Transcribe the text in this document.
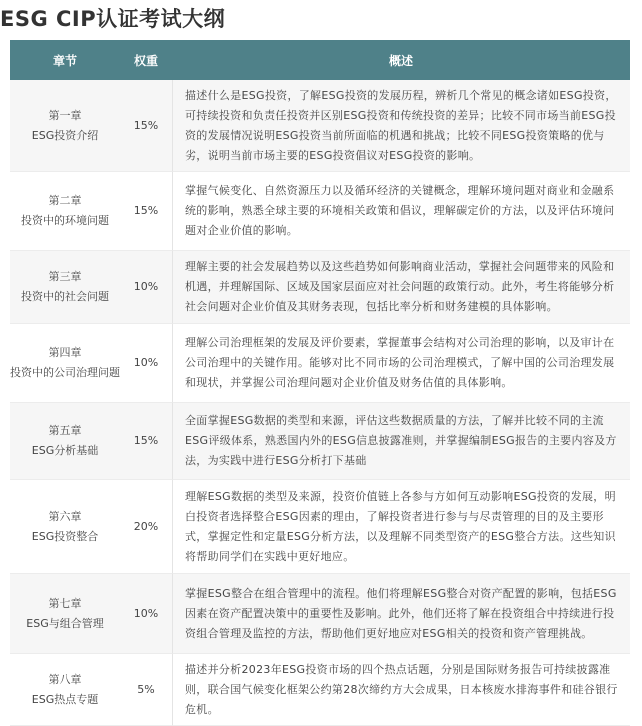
ESG CIP认证考试大纲
章节	权重	概述

第一章
ESG投资介绍	15%	描述什么是ESG投资，了解ESG投资的发展历程，辨析几个常见的概念诸如ESG投资，可持续投资和负责任投资并区别ESG投资和传统投资的差异；比较不同市场当前ESG投资的发展情况说明ESG投资当前所面临的机遇和挑战；比较不同ESG投资策略的优与劣，说明当前市场主要的ESG投资倡议对ESG投资的影响。

第二章
投资中的环境问题	15%	掌握气候变化、自然资源压力以及循环经济的关键概念，理解环境问题对商业和金融系统的影响，熟悉全球主要的环境相关政策和倡议，理解碳定价的方法，以及评估环境问题对企业价值的影响。

第三章
投资中的社会问题	10%	理解主要的社会发展趋势以及这些趋势如何影响商业活动，掌握社会问题带来的风险和机遇，并理解国际、区域及国家层面应对社会问题的政策行动。此外，考生将能够分析社会问题对企业价值及其财务表现，包括比率分析和财务建模的具体影响。

第四章
投资中的公司治理问题	10%	理解公司治理框架的发展及评价要素，掌握董事会结构对公司治理的影响，以及审计在公司治理中的关键作用。能够对比不同市场的公司治理模式，了解中国的公司治理发展和现状，并掌握公司治理问题对企业价值及财务估值的具体影响。

第五章
ESG分析基础	15%	全面掌握ESG数据的类型和来源，评估这些数据质量的方法，了解并比较不同的主流ESG评级体系，熟悉国内外的ESG信息披露准则，并掌握编制ESG报告的主要内容及方法，为实践中进行ESG分析打下基础

第六章
ESG投资整合	20%	理解ESG数据的类型及来源，投资价值链上各参与方如何互动影响ESG投资的发展，明白投资者选择整合ESG因素的理由，了解投资者进行参与与尽责管理的目的及主要形式，掌握定性和定量ESG分析方法，以及理解不同类型资产的ESG整合方法。这些知识将帮助同学们在实践中更好地应。

第七章
ESG与组合管理	10%	掌握ESG整合在组合管理中的流程。他们将理解ESG整合对资产配置的影响，包括ESG因素在资产配置决策中的重要性及影响。此外，他们还将了解在投资组合中持续进行投资组合管理及监控的方法，帮助他们更好地应对ESG相关的投资和资产管理挑战。

第八章
ESG热点专题	5%	描述并分析2023年ESG投资市场的四个热点话题，分别是国际财务报告可持续披露准则，联合国气候变化框架公约第28次缔约方大会成果，日本核废水排海事件和硅谷银行危机。
